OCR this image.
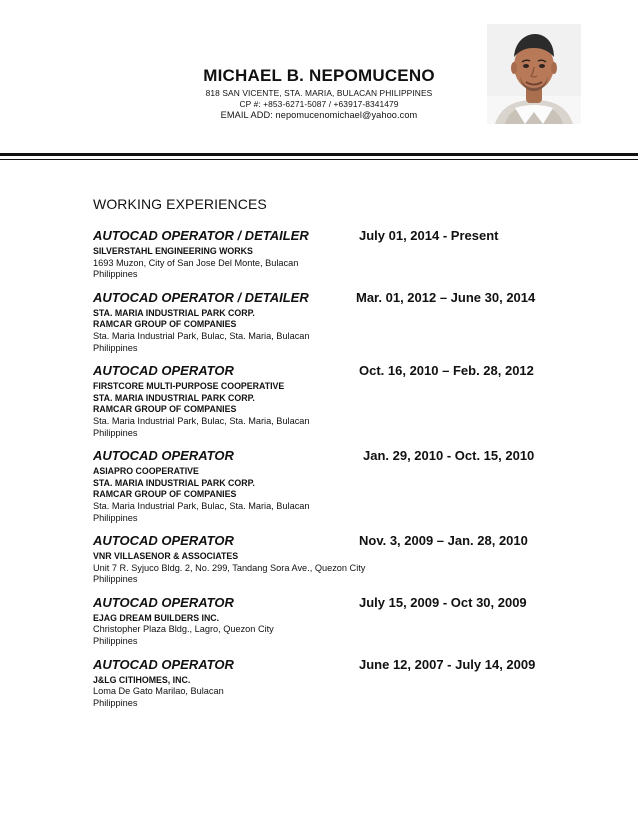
MICHAEL B. NEPOMUCENO
818 SAN VICENTE, STA. MARIA, BULACAN PHILIPPINES
CP #: +853-6271-5087 / +63917-8341479
EMAIL ADD: nepomucenomichael@yahoo.com
WORKING EXPERIENCES
AUTOCAD OPERATOR / DETAILER	July 01, 2014 - Present
SILVERSTAHL ENGINEERING WORKS
1693 Muzon, City of San Jose Del Monte, Bulacan
Philippines
AUTOCAD OPERATOR / DETAILER	Mar. 01, 2012 – June 30, 2014
STA. MARIA INDUSTRIAL PARK CORP.
RAMCAR GROUP OF COMPANIES
Sta. Maria Industrial Park, Bulac, Sta. Maria, Bulacan
Philippines
AUTOCAD OPERATOR	Oct. 16, 2010 – Feb. 28, 2012
FIRSTCORE MULTI-PURPOSE COOPERATIVE
STA. MARIA INDUSTRIAL PARK CORP.
RAMCAR GROUP OF COMPANIES
Sta. Maria Industrial Park, Bulac, Sta. Maria, Bulacan
Philippines
AUTOCAD OPERATOR	Jan. 29, 2010 - Oct. 15, 2010
ASIAPRO COOPERATIVE
STA. MARIA INDUSTRIAL PARK CORP.
RAMCAR GROUP OF COMPANIES
Sta. Maria Industrial Park, Bulac, Sta. Maria, Bulacan
Philippines
AUTOCAD OPERATOR	Nov. 3, 2009 – Jan. 28, 2010
VNR VILLASENOR & ASSOCIATES
Unit 7 R. Syjuco Bldg. 2, No. 299, Tandang Sora Ave., Quezon City
Philippines
AUTOCAD OPERATOR	July 15, 2009 - Oct 30, 2009
EJAG DREAM BUILDERS INC.
Christopher Plaza Bldg., Lagro, Quezon City
Philippines
AUTOCAD OPERATOR	June 12, 2007 - July 14, 2009
J&LG CITIHOMES, INC.
Loma De Gato Marilao, Bulacan
Philippines
